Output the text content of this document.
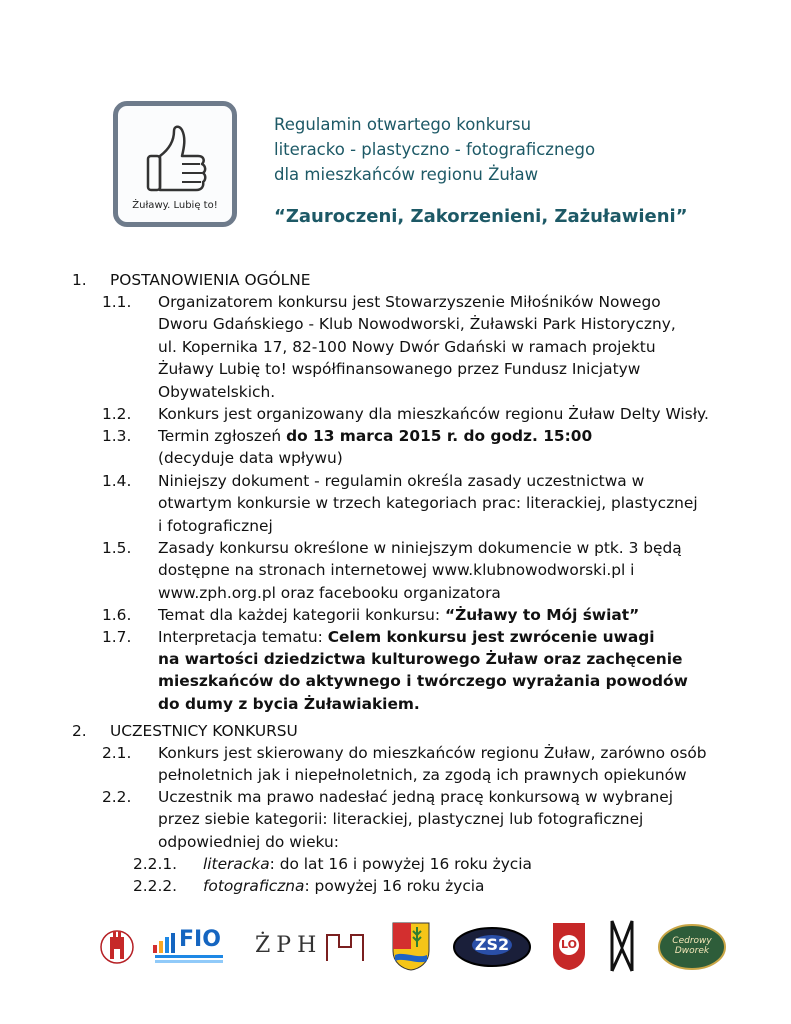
Żuławy. Lubię to!
Regulamin otwartego konkursu
literacko - plastyczno - fotograficznego
dla mieszkańców regionu Żuław
“Zauroczeni, Zakorzenieni, Zażuławieni”
1. POSTANOWIENIA OGÓLNE
1.1. Organizatorem konkursu jest Stowarzyszenie Miłośników Nowego
Dworu Gdańskiego - Klub Nowodworski, Żuławski Park Historyczny,
ul. Kopernika 17, 82-100 Nowy Dwór Gdański w ramach projektu
Żuławy Lubię to! współfinansowanego przez Fundusz Inicjatyw
Obywatelskich.
1.2. Konkurs jest organizowany dla mieszkańców regionu Żuław Delty Wisły.
1.3. Termin zgłoszeń do 13 marca 2015 r. do godz. 15:00
(decyduje data wpływu)
1.4. Niniejszy dokument - regulamin określa zasady uczestnictwa w
otwartym konkursie w trzech kategoriach prac: literackiej, plastycznej
i fotograficznej
1.5. Zasady konkursu określone w niniejszym dokumencie w ptk. 3 będą
dostępne na stronach internetowej www.klubnowodworski.pl i
www.zph.org.pl oraz facebooku organizatora
1.6. Temat dla każdej kategorii konkursu: “Żuławy to Mój świat”
1.7. Interpretacja tematu: Celem konkursu jest zwrócenie uwagi
na wartości dziedzictwa kulturowego Żuław oraz zachęcenie
mieszkańców do aktywnego i twórczego wyrażania powodów
do dumy z bycia Żuławiakiem.
2. UCZESTNICY KONKURSU
2.1. Konkurs jest skierowany do mieszkańców regionu Żuław, zarówno osób
pełnoletnich jak i niepełnoletnich, za zgodą ich prawnych opiekunów
2.2. Uczestnik ma prawo nadesłać jedną pracę konkursową w wybranej
przez siebie kategorii: literackiej, plastycznej lub fotograficznej
odpowiedniej do wieku:
2.2.1. literacka: do lat 16 i powyżej 16 roku życia
2.2.2. fotograficzna: powyżej 16 roku życia
FIO ŻPH	ZS2	LO	Cedrowy Dworek
